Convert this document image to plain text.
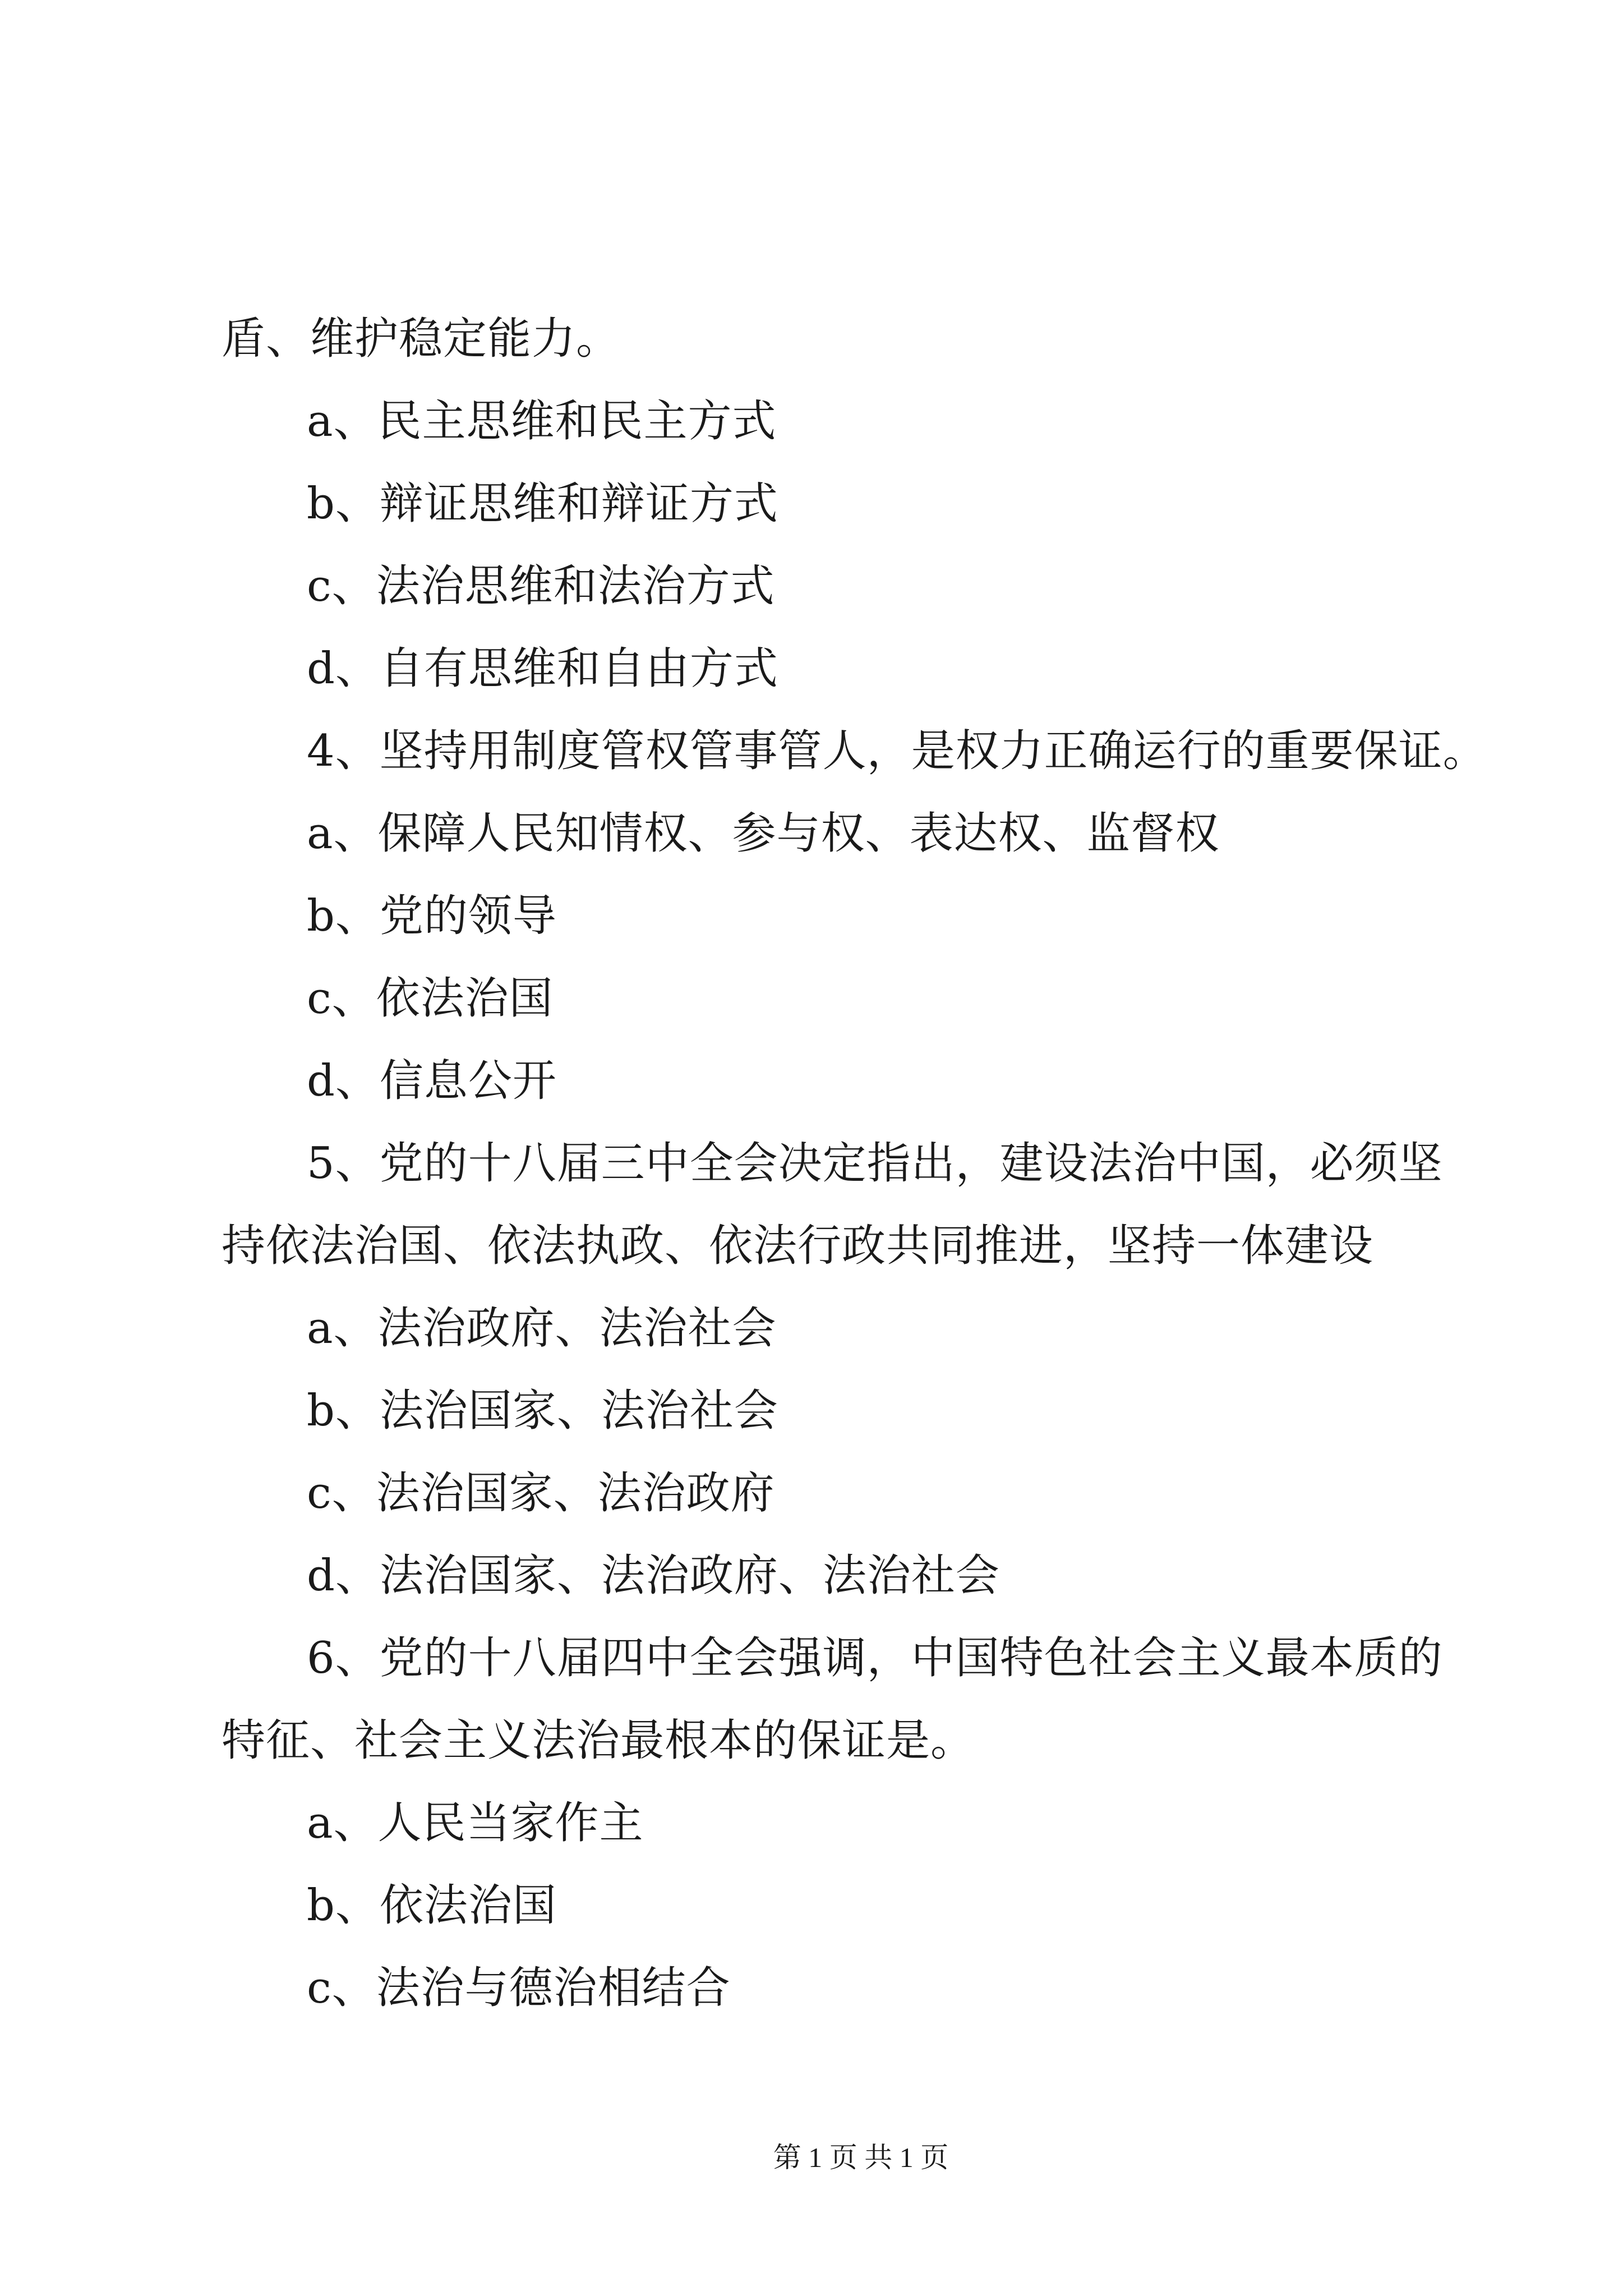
盾、维护稳定能力。
a、民主思维和民主方式
b、辩证思维和辩证方式
c、法治思维和法治方式
d、自有思维和自由方式
4、坚持用制度管权管事管人，是权力正确运行的重要保证。
a、保障人民知情权、参与权、表达权、监督权
b、党的领导
c、依法治国
d、信息公开
5、党的十八届三中全会决定指出，建设法治中国，必须坚
持依法治国、依法执政、依法行政共同推进，坚持一体建设
a、法治政府、法治社会
b、法治国家、法治社会
c、法治国家、法治政府
d、法治国家、法治政府、法治社会
6、党的十八届四中全会强调，中国特色社会主义最本质的
特征、社会主义法治最根本的保证是。
a、人民当家作主
b、依法治国
c、法治与德治相结合
第 1 页 共 1 页
